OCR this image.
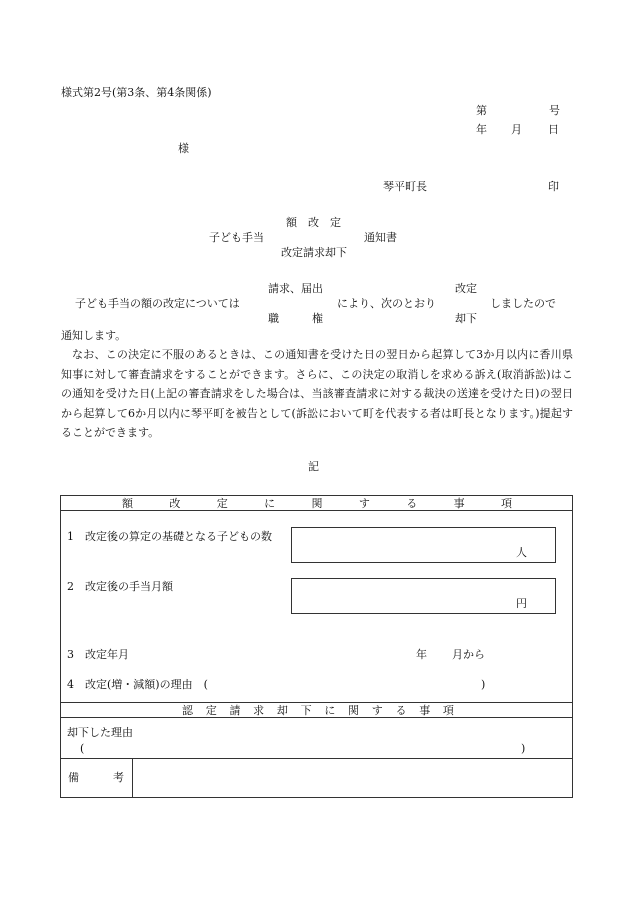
様式第2号(第3条、第4条関係)
第	号
年 月 日
様
琴平町長	印
額　改　定
子ども手当	通知書
改定請求却下
請求、届出	改定
子ども手当の額の改定については	により、次のとおり	しましたので
職　　　権	却下
通知します。

なお、この決定に不服のあるときは、この通知書を受けた日の翌日から起算して3か月以内に香川県知事に対して審査請求をすることができます。さらに、この決定の取消しを求める訴え(取消訴訟)はこの通知を受けた日(上記の審査請求をした場合は、当該審査請求に対する裁決の送達を受けた日)の翌日から起算して6か月以内に琴平町を被告として(訴訟において町を代表する者は町長となります。)提起することができます。

記
額	改	定	に	関	す	る	事	項
1　改定後の算定の基礎となる子どもの数
人
2　改定後の手当月額
円
3　改定年月	年 月から
4　改定(増・減額)の理由　(	)
認 定 請 求 却 下 に 関 す る 事 項
却下した理由
(	)
備	考
